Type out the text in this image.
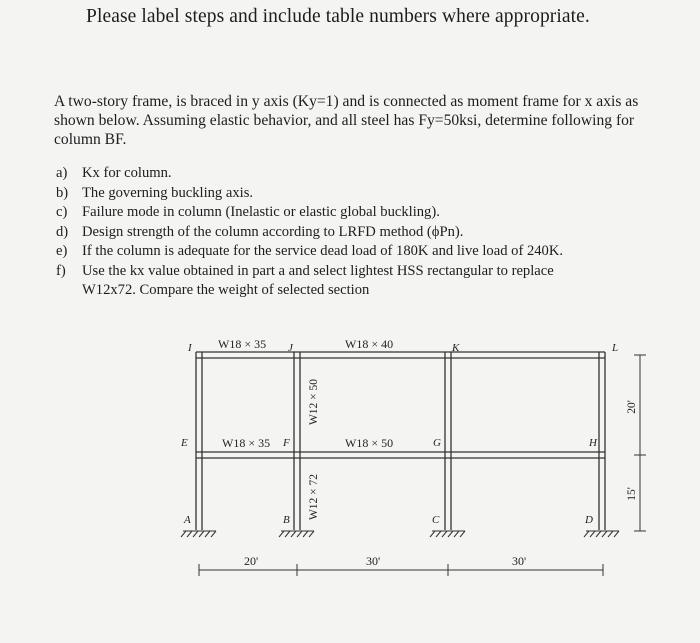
Please label steps and include table numbers where appropriate.
A two-story frame, is braced in y axis (Ky=1) and is connected as moment frame for x axis as shown below. Assuming elastic behavior, and all steel has Fy=50ksi, determine following for column BF.
a)	Kx for column.
b) The governing buckling axis.
c)	Failure mode in column (Inelastic or elastic global buckling).
d) Design strength of the column according to LRFD method (ϕPn).
e)	If the column is adequate for the service dead load of 180K and live load of 240K.
f)	Use the kx value obtained in part a and select lightest HSS rectangular to replace
W12x72. Compare the weight of selected section
W18 × 35	W18 × 40
W18 × 35	W18 × 50
W12 × 50
W12 × 72
I	J	K	L
E	F	G	H
A	B	C	D
20'	30'	30'
20'
15'
